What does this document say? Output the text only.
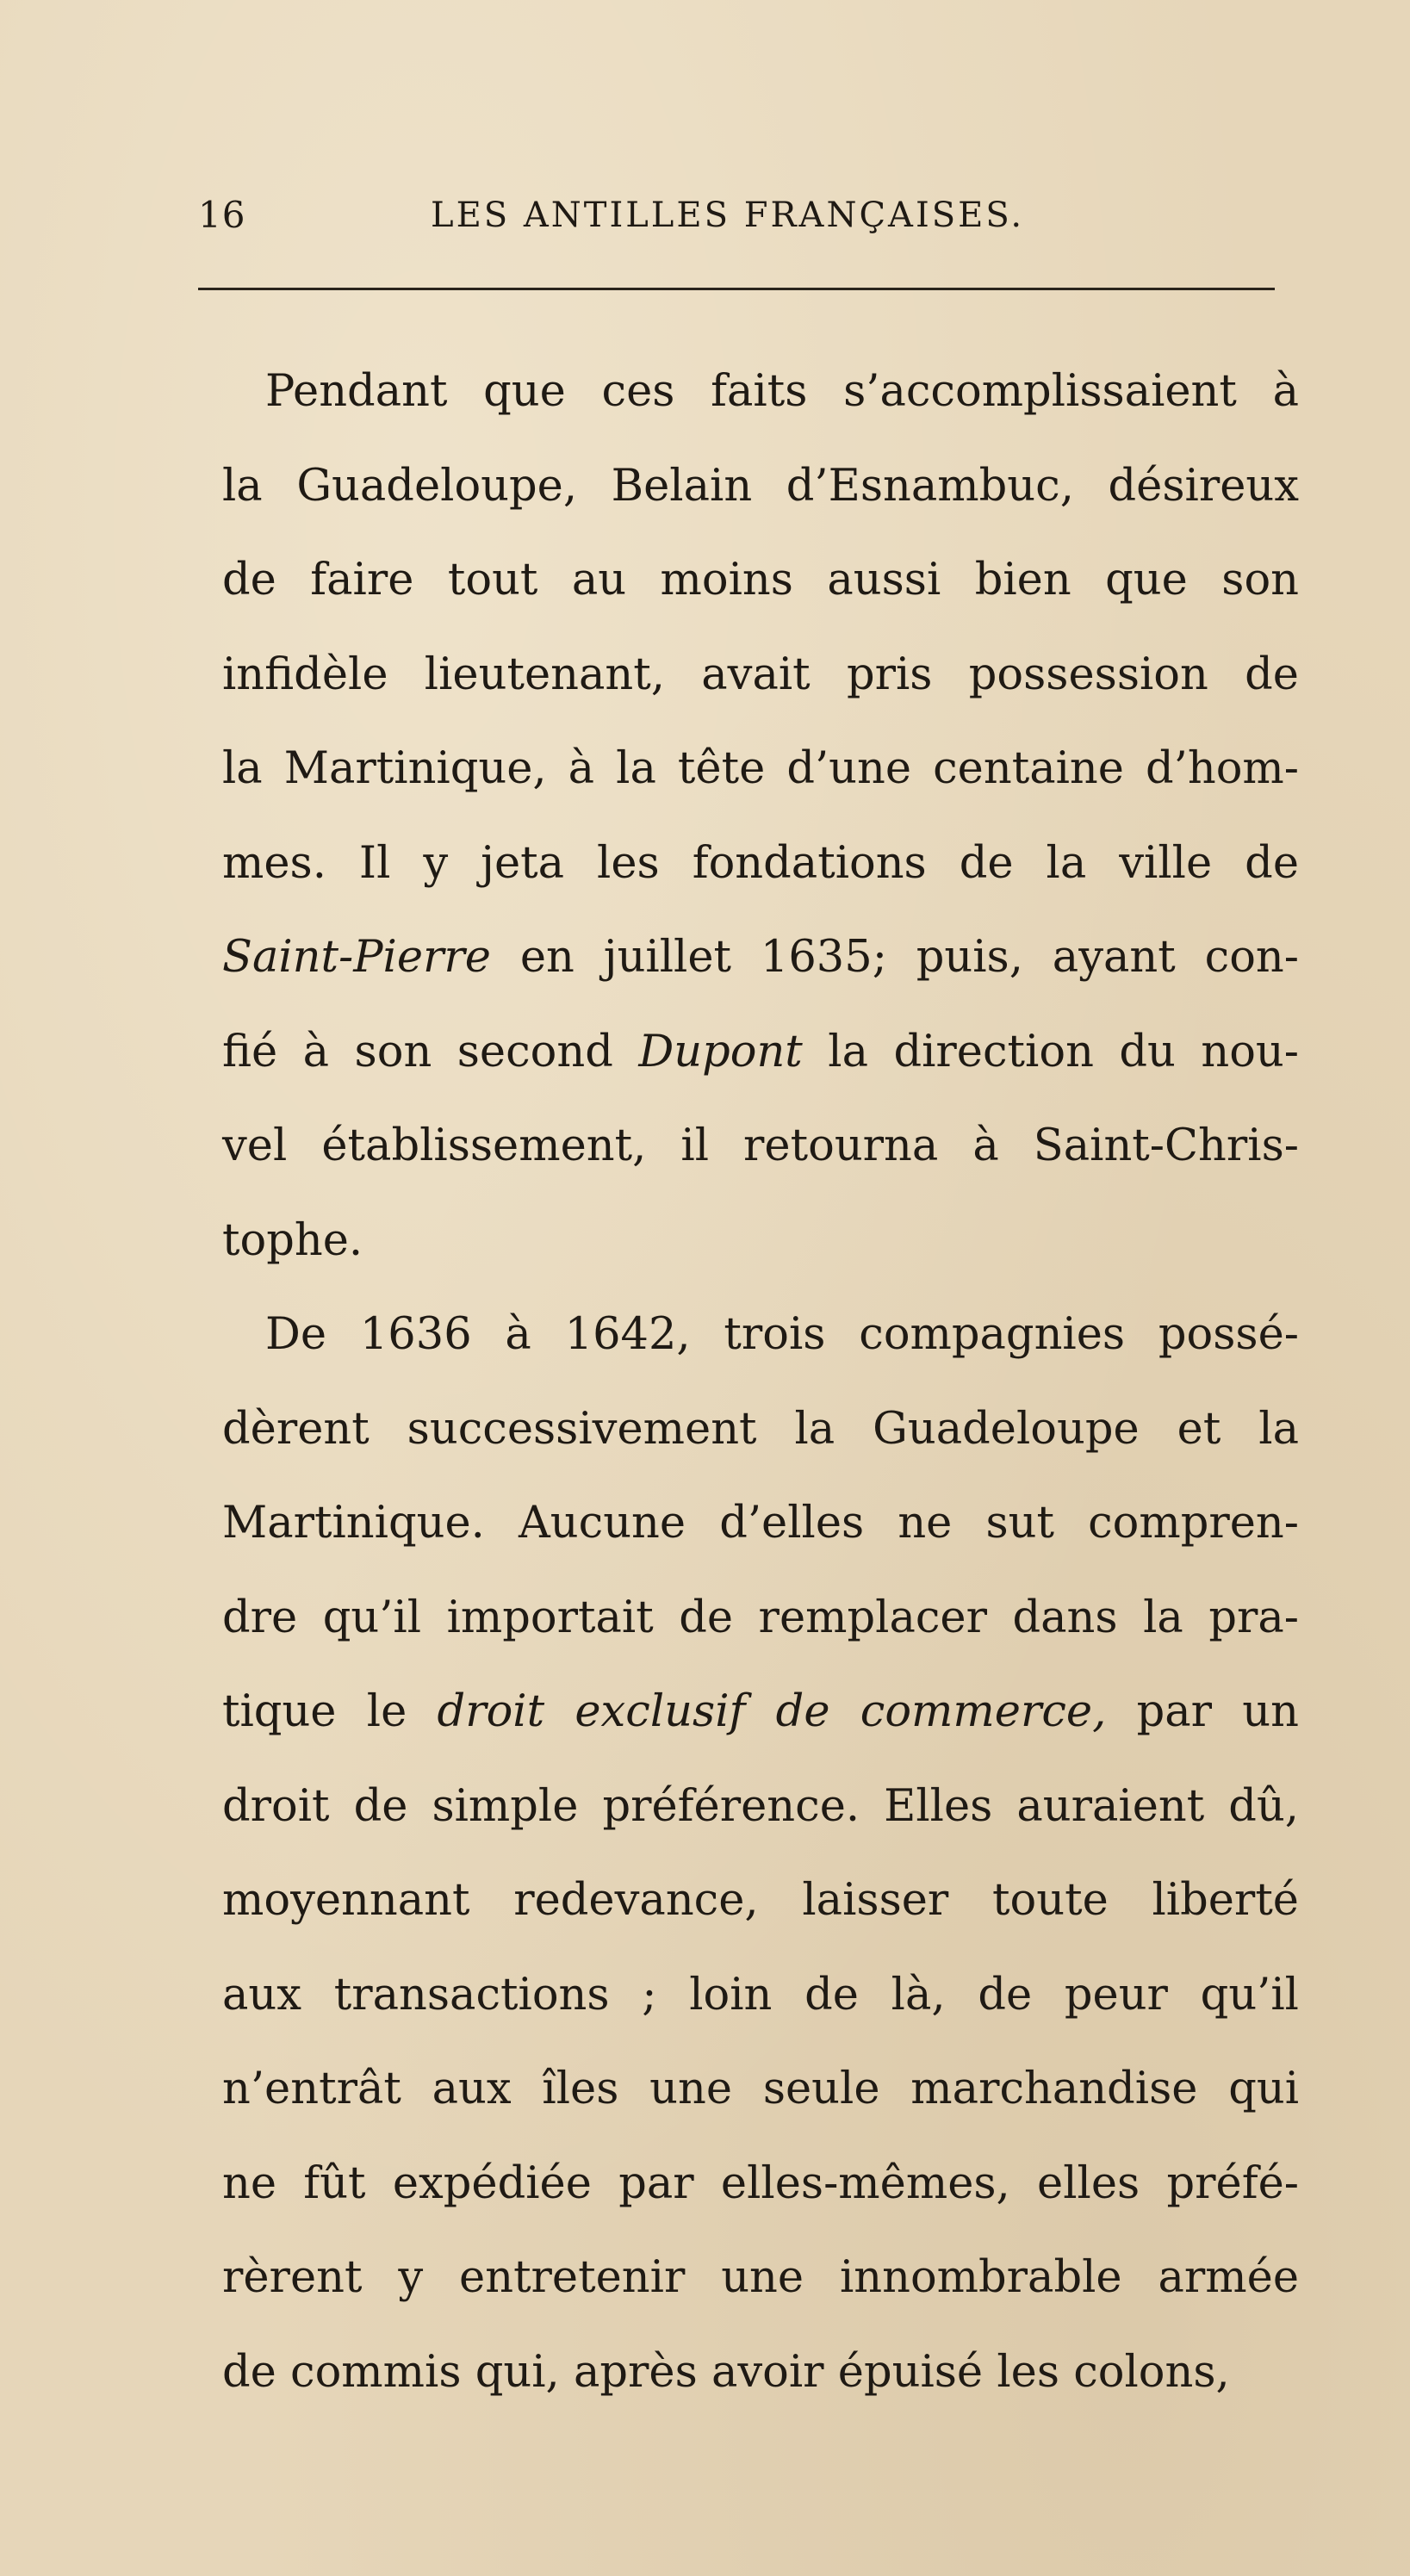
16	LES ANTILLES FRANÇAISES.
Pendant que ces faits s’accomplissaient à
la Guadeloupe, Belain d’Esnambuc, désireux
de faire tout au moins aussi bien que son
infidèle lieutenant, avait pris possession de
la Martinique, à la tête d’une centaine d’hom-
mes. Il y jeta les fondations de la ville de
Saint-Pierre en juillet 1635; puis, ayant con-
fié à son second Dupont la direction du nou-
vel établissement, il retourna à Saint-Chris-
tophe.
De 1636 à 1642, trois compagnies possé-
dèrent successivement la Guadeloupe et la
Martinique. Aucune d’elles ne sut compren-
dre qu’il importait de remplacer dans la pra-
tique le droit exclusif de commerce, par un
droit de simple préférence. Elles auraient dû,
moyennant redevance, laisser toute liberté
aux transactions ; loin de là, de peur qu’il
n’entrât aux îles une seule marchandise qui
ne fût expédiée par elles-mêmes, elles préfé-
rèrent y entretenir une innombrable armée
de commis qui, après avoir épuisé les colons,
